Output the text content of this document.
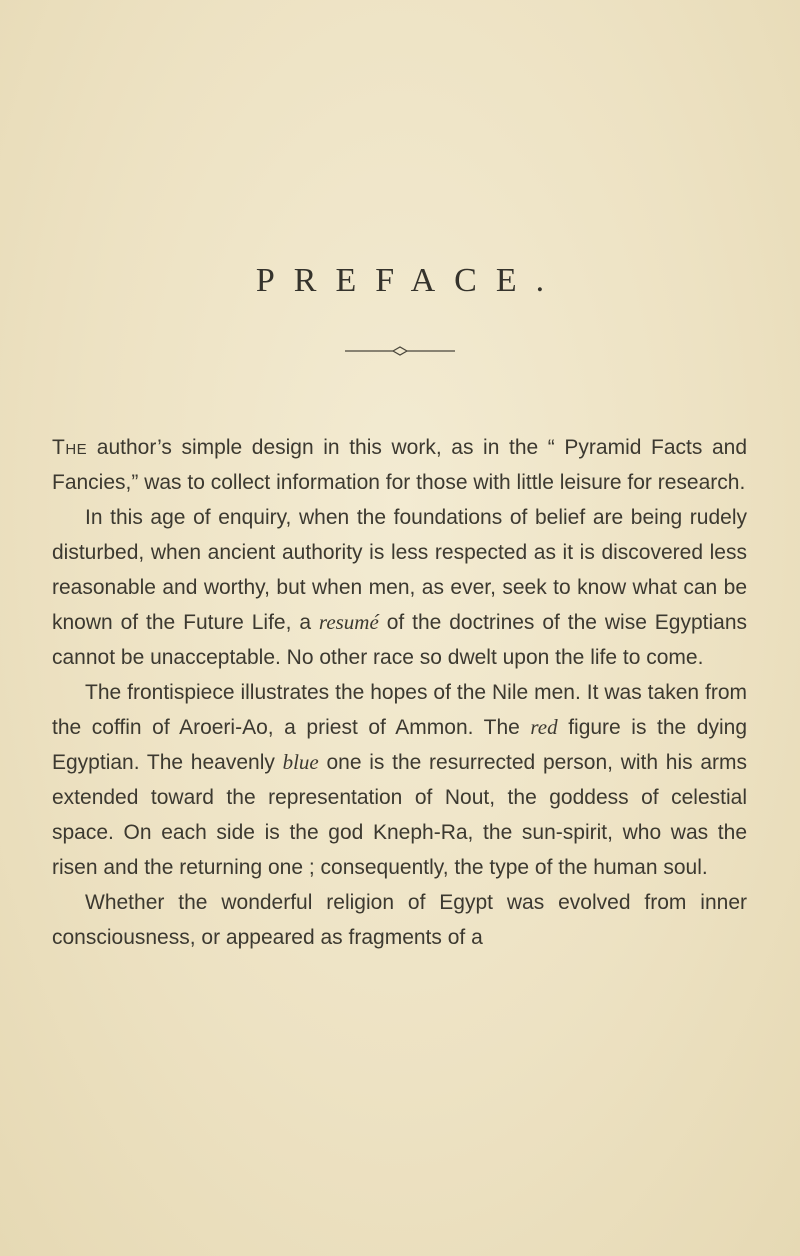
PREFACE.

The author’s simple design in this work, as in the “ Pyramid Facts and Fancies,” was to collect information for those with little leisure for research.

In this age of enquiry, when the foundations of belief are being rudely disturbed, when ancient authority is less respected as it is discovered less reasonable and worthy, but when men, as ever, seek to know what can be known of the Future Life, a resumé of the doctrines of the wise Egyptians cannot be unacceptable. No other race so dwelt upon the life to come.

The frontispiece illustrates the hopes of the Nile men. It was taken from the coffin of Aroeri-Ao, a priest of Ammon. The red figure is the dying Egyptian. The heavenly blue one is the resurrected person, with his arms extended toward the representation of Nout, the goddess of celestial space. On each side is the god Kneph-Ra, the sun-spirit, who was the risen and the returning one ; consequently, the type of the human soul.

Whether the wonderful religion of Egypt was evolved from inner consciousness, or appeared as fragments of a
